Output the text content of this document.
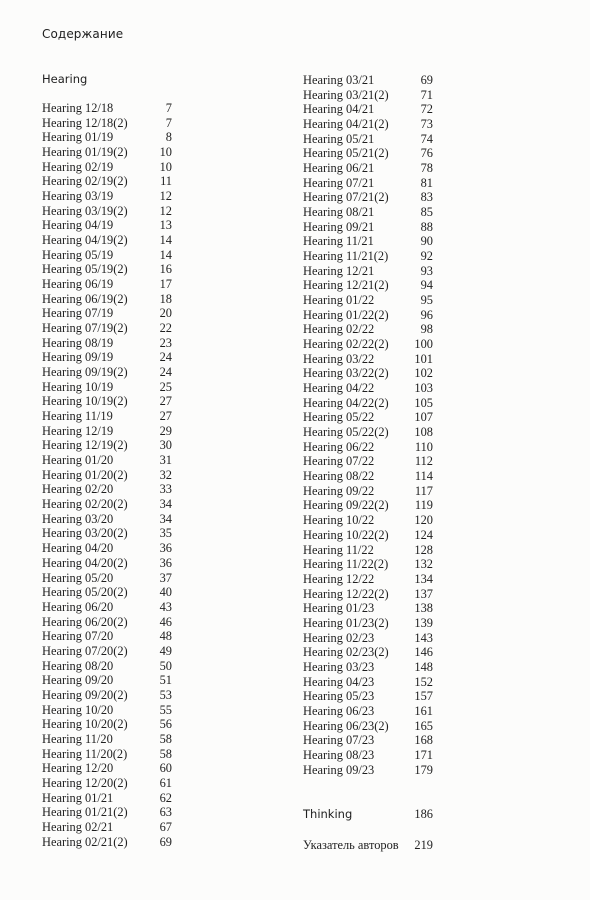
Содержание
Hearing
Hearing 12/18	7
Hearing 12/18(2)	7
Hearing 01/19	8
Hearing 01/19(2)	10
Hearing 02/19	10
Hearing 02/19(2)	11
Hearing 03/19	12
Hearing 03/19(2)	12
Hearing 04/19	13
Hearing 04/19(2)	14
Hearing 05/19	14
Hearing 05/19(2)	16
Hearing 06/19	17
Hearing 06/19(2)	18
Hearing 07/19	20
Hearing 07/19(2)	22
Hearing 08/19	23
Hearing 09/19	24
Hearing 09/19(2)	24
Hearing 10/19	25
Hearing 10/19(2)	27
Hearing 11/19	27
Hearing 12/19	29
Hearing 12/19(2)	30
Hearing 01/20	31
Hearing 01/20(2)	32
Hearing 02/20	33
Hearing 02/20(2)	34
Hearing 03/20	34
Hearing 03/20(2)	35
Hearing 04/20	36
Hearing 04/20(2)	36
Hearing 05/20	37
Hearing 05/20(2)	40
Hearing 06/20	43
Hearing 06/20(2)	46
Hearing 07/20	48
Hearing 07/20(2)	49
Hearing 08/20	50
Hearing 09/20	51
Hearing 09/20(2)	53
Hearing 10/20	55
Hearing 10/20(2)	56
Hearing 11/20	58
Hearing 11/20(2)	58
Hearing 12/20	60
Hearing 12/20(2)	61
Hearing 01/21	62
Hearing 01/21(2)	63
Hearing 02/21	67
Hearing 02/21(2)	69
Hearing 03/21	69
Hearing 03/21(2)	71
Hearing 04/21	72
Hearing 04/21(2)	73
Hearing 05/21	74
Hearing 05/21(2)	76
Hearing 06/21	78
Hearing 07/21	81
Hearing 07/21(2)	83
Hearing 08/21	85
Hearing 09/21	88
Hearing 11/21	90
Hearing 11/21(2)	92
Hearing 12/21	93
Hearing 12/21(2)	94
Hearing 01/22	95
Hearing 01/22(2)	96
Hearing 02/22	98
Hearing 02/22(2) 100
Hearing 03/22	101
Hearing 03/22(2) 102
Hearing 04/22	103
Hearing 04/22(2) 105
Hearing 05/22	107
Hearing 05/22(2) 108
Hearing 06/22	110
Hearing 07/22	112
Hearing 08/22	114
Hearing 09/22	117
Hearing 09/22(2) 119
Hearing 10/22	120
Hearing 10/22(2) 124
Hearing 11/22	128
Hearing 11/22(2) 132
Hearing 12/22	134
Hearing 12/22(2) 137
Hearing 01/23	138
Hearing 01/23(2) 139
Hearing 02/23	143
Hearing 02/23(2) 146
Hearing 03/23	148
Hearing 04/23	152
Hearing 05/23	157
Hearing 06/23	161
Hearing 06/23(2) 165
Hearing 07/23	168
Hearing 08/23	171
Hearing 09/23	179
Thinking	186
Указатель авторов 219
